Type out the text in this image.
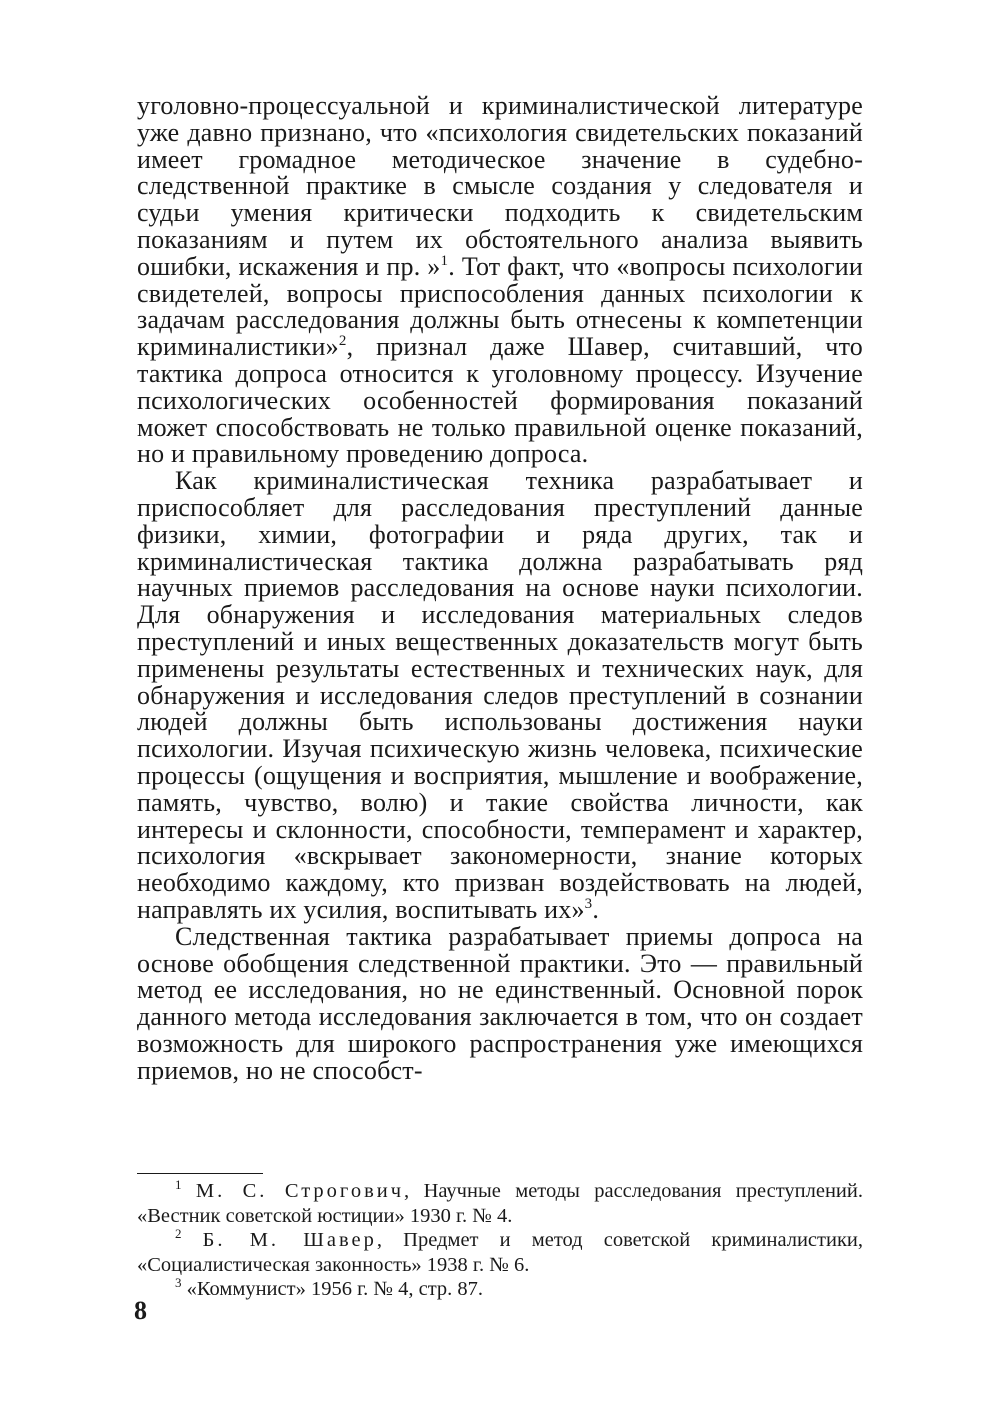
уголовно-процессуальной и криминалистической литературе уже давно признано, что «психология свидетельских показаний имеет громадное методическое значение в судебно-следственной практике в смысле создания у следователя и судьи умения критически подходить к свидетельским показаниям и путем их обстоятельного анализа выявить ошибки, искажения и пр. »$^1$. Тот факт, что «вопросы психологии свидетелей, вопросы приспособления данных психологии к задачам расследования должны быть отнесены к компетенции криминалистики»$^2$, признал даже Шавер, считавший, что тактика допроса относится к уголовному процессу. Изучение психологических особенностей формирования показаний может способствовать не только правильной оценке показаний, но и правильному проведению допроса.

Как криминалистическая техника разрабатывает и приспособляет для расследования преступлений данные физики, химии, фотографии и ряда других, так и криминалистическая тактика должна разрабатывать ряд научных приемов расследования на основе науки психологии. Для обнаружения и исследования материальных следов преступлений и иных вещественных доказательств могут быть применены результаты естественных и технических наук, для обнаружения и исследования следов преступлений в сознании людей должны быть использованы достижения науки психологии. Изучая психическую жизнь человека, психические процессы (ощущения и восприятия, мышление и воображение, память, чувство, волю) и такие свойства личности, как интересы и склонности, способности, темперамент и характер, психология «вскрывает закономерности, знание которых необходимо каждому, кто призван воздействовать на людей, направлять их усилия, воспитывать их»$^3$.

Следственная тактика разрабатывает приемы допроса на основе обобщения следственной практики. Это — правильный метод ее исследования, но не единственный. Основной порок данного метода исследования заключается в том, что он создает возможность для широкого распространения уже имеющихся приемов, но не способст-

$^1$ М. С. Строгович, Научные методы расследования преступлений. «Вестник советской юстиции» 1930 г. № 4.

$^2$ Б. М. Шавер, Предмет и метод советской криминалистики, «Социалистическая законность» 1938 г. № 6.

$^3$ «Коммунист» 1956 г. № 4, стр. 87.

8
